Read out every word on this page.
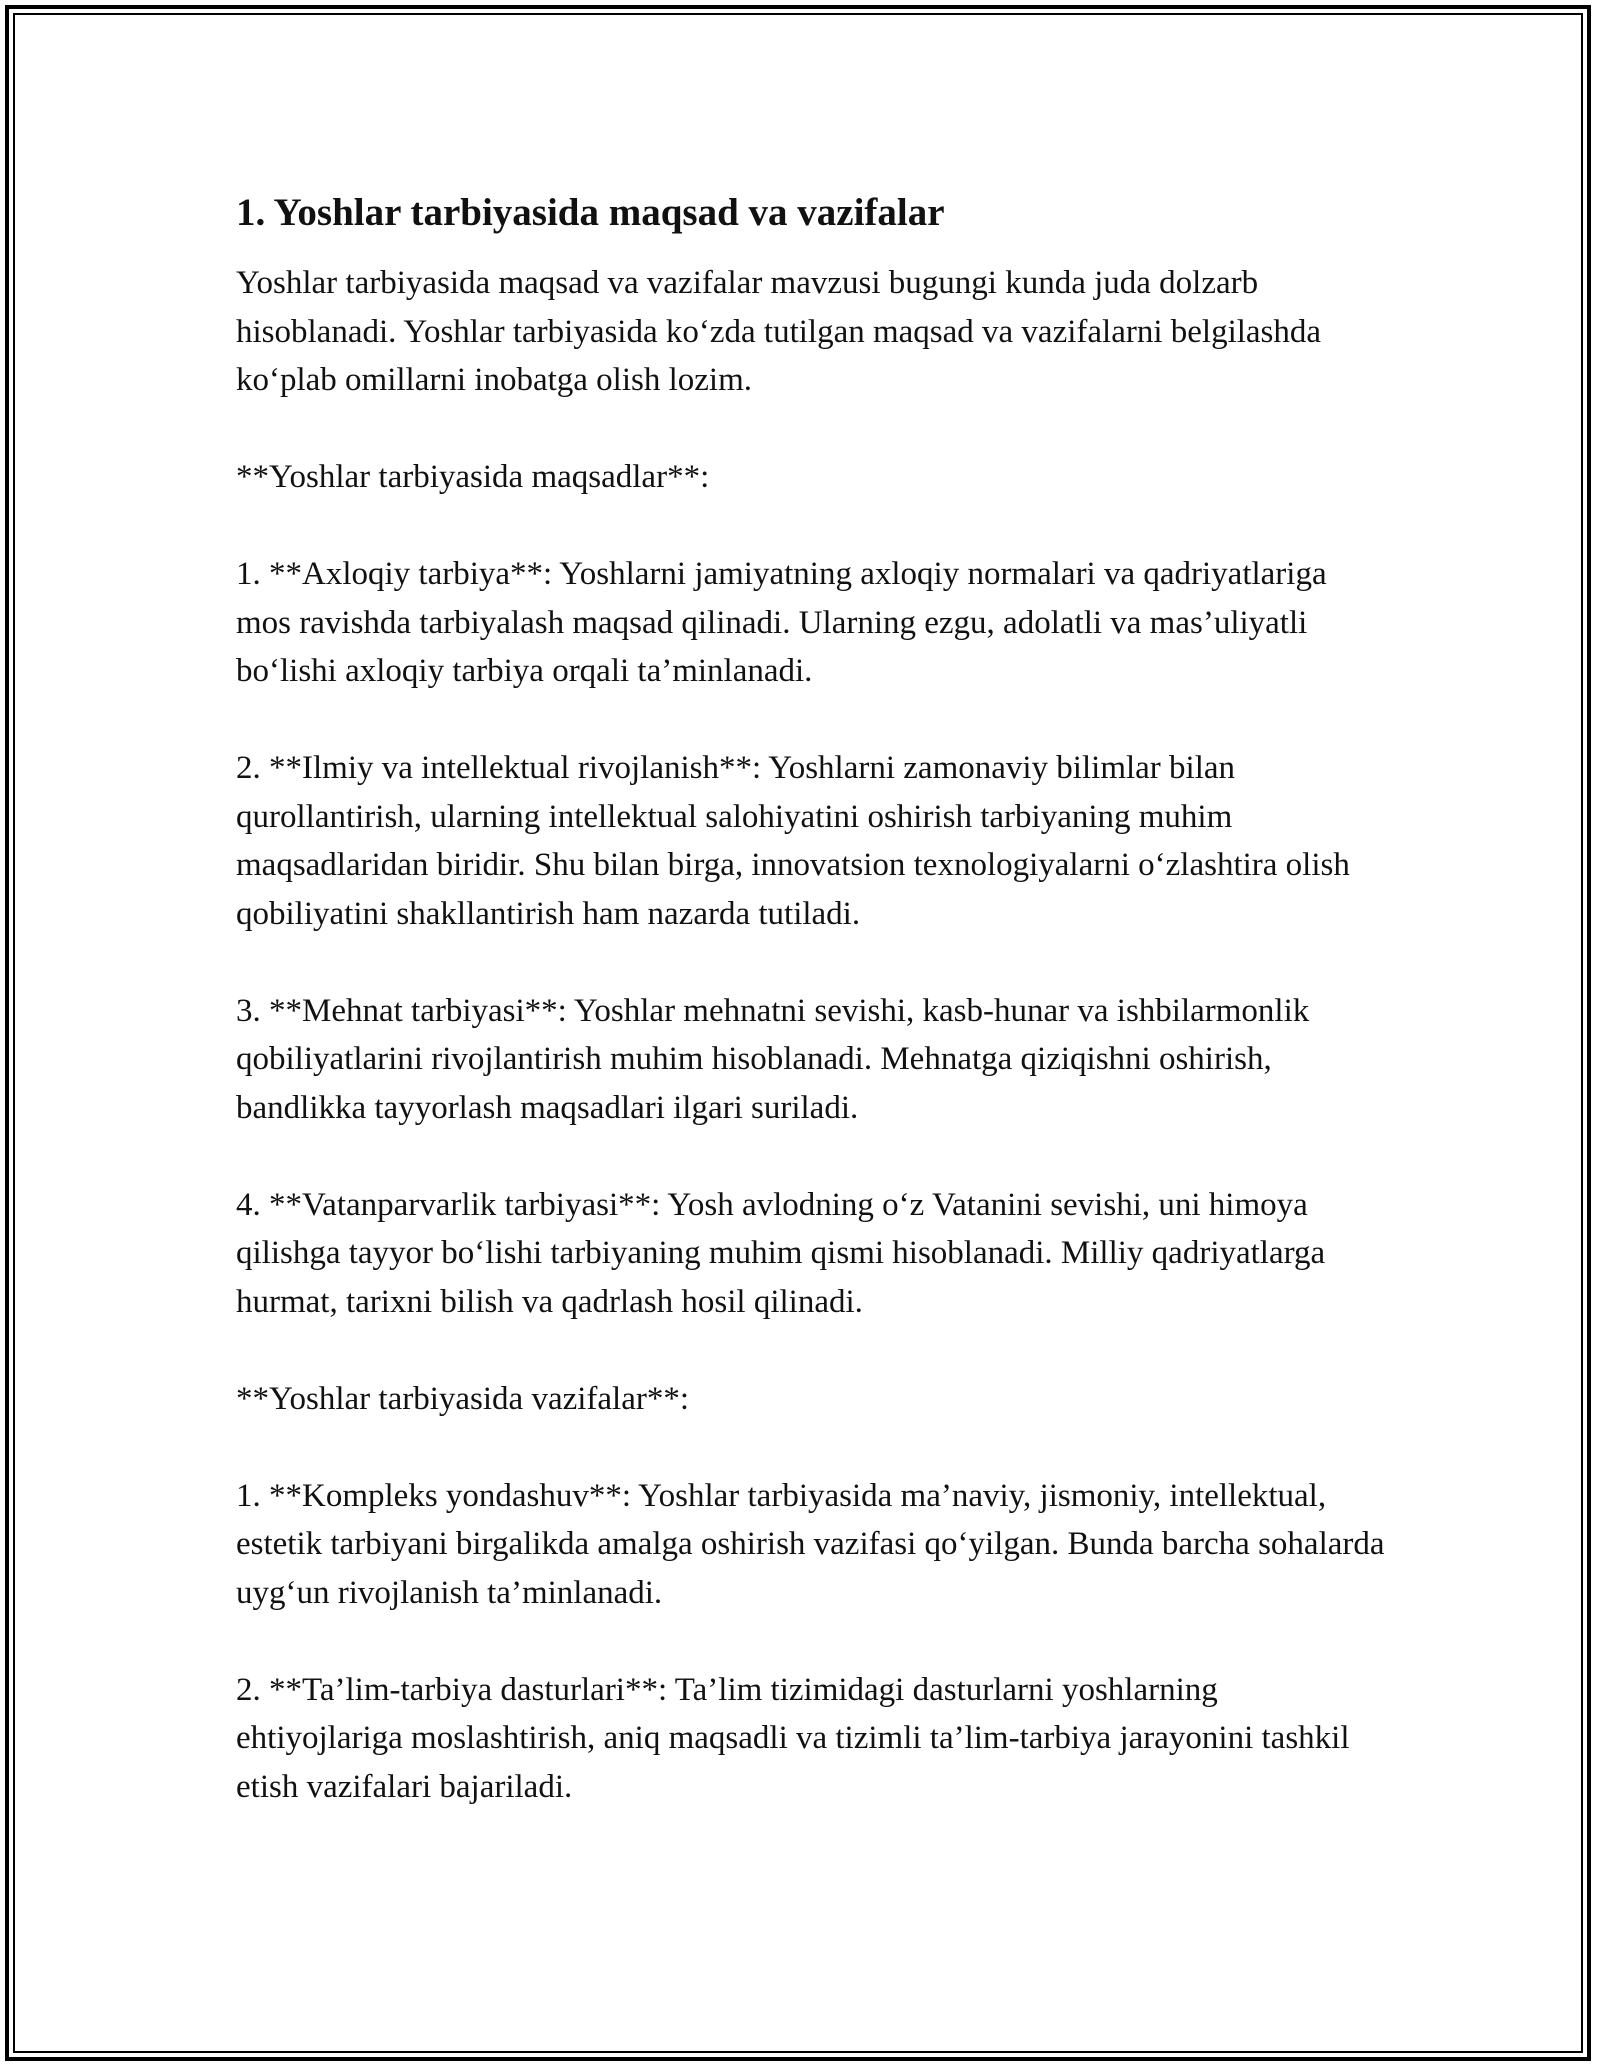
1. Yoshlar tarbiyasida maqsad va vazifalar

Yoshlar tarbiyasida maqsad va vazifalar mavzusi bugungi kunda juda dolzarb hisoblanadi. Yoshlar tarbiyasida ko‘zda tutilgan maqsad va vazifalarni belgilashda ko‘plab omillarni inobatga olish lozim.

**Yoshlar tarbiyasida maqsadlar**:

1. **Axloqiy tarbiya**: Yoshlarni jamiyatning axloqiy normalari va qadriyatlariga mos ravishda tarbiyalash maqsad qilinadi. Ularning ezgu, adolatli va mas’uliyatli bo‘lishi axloqiy tarbiya orqali ta’minlanadi.

2. **Ilmiy va intellektual rivojlanish**: Yoshlarni zamonaviy bilimlar bilan qurollantirish, ularning intellektual salohiyatini oshirish tarbiyaning muhim maqsadlaridan biridir. Shu bilan birga, innovatsion texnologiyalarni o‘zlashtira olish qobiliyatini shakllantirish ham nazarda tutiladi.

3. **Mehnat tarbiyasi**: Yoshlar mehnatni sevishi, kasb-hunar va ishbilarmonlik qobiliyatlarini rivojlantirish muhim hisoblanadi. Mehnatga qiziqishni oshirish, bandlikka tayyorlash maqsadlari ilgari suriladi.

4. **Vatanparvarlik tarbiyasi**: Yosh avlodning o‘z Vatanini sevishi, uni himoya qilishga tayyor bo‘lishi tarbiyaning muhim qismi hisoblanadi. Milliy qadriyatlarga hurmat, tarixni bilish va qadrlash hosil qilinadi.

**Yoshlar tarbiyasida vazifalar**:

1. **Kompleks yondashuv**: Yoshlar tarbiyasida ma’naviy, jismoniy, intellektual, estetik tarbiyani birgalikda amalga oshirish vazifasi qo‘yilgan. Bunda barcha sohalarda uyg‘un rivojlanish ta’minlanadi.

2. **Ta’lim-tarbiya dasturlari**: Ta’lim tizimidagi dasturlarni yoshlarning ehtiyojlariga moslashtirish, aniq maqsadli va tizimli ta’lim-tarbiya jarayonini tashkil etish vazifalari bajariladi.
